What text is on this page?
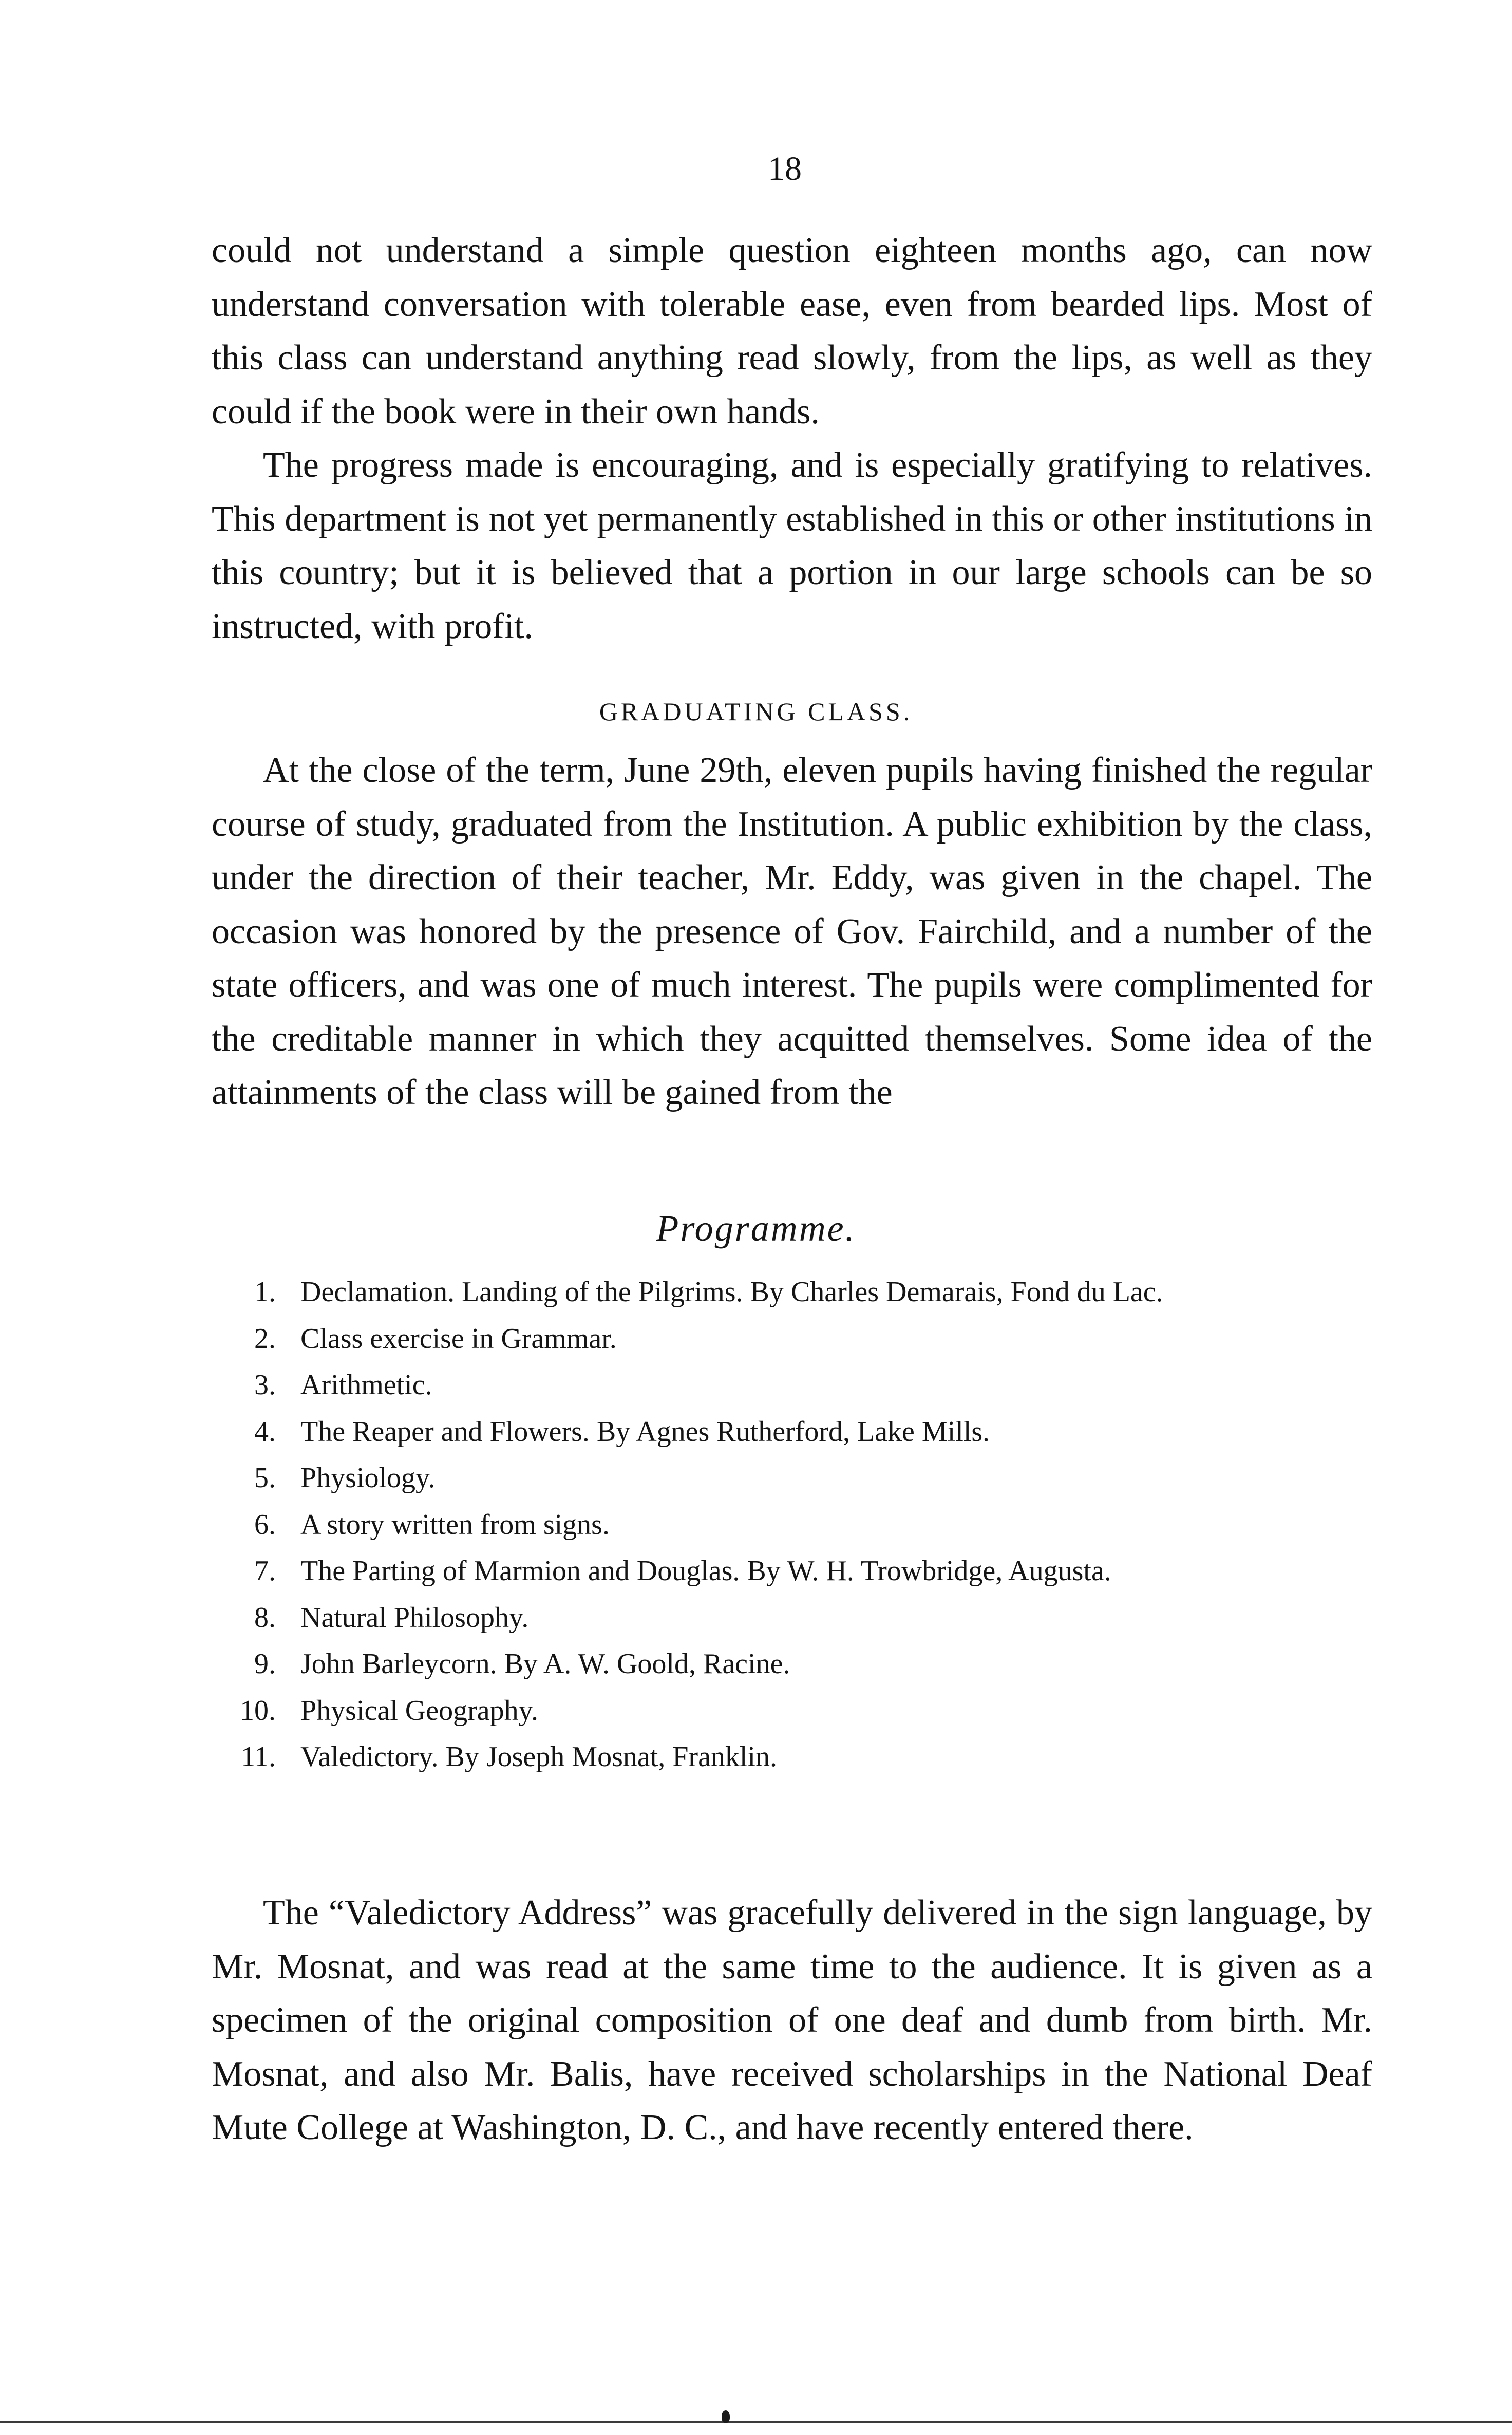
18

could not understand a simple question eighteen months ago, can now understand conversation with tolerable ease, even from bearded lips. Most of this class can understand anything read slowly, from the lips, as well as they could if the book were in their own hands.

The progress made is encouraging, and is especially gratifying to relatives. This department is not yet permanently established in this or other institutions in this country; but it is believed that a portion in our large schools can be so instructed, with profit.

GRADUATING CLASS.

At the close of the term, June 29th, eleven pupils having finished the regular course of study, graduated from the Institution. A public exhibition by the class, under the direction of their teacher, Mr. Eddy, was given in the chapel. The occasion was honored by the presence of Gov. Fairchild, and a number of the state officers, and was one of much interest. The pupils were complimented for the creditable manner in which they acquitted themselves. Some idea of the attainments of the class will be gained from the

Programme.

1. Declamation. Landing of the Pilgrims. By Charles Demarais, Fond du Lac.

2. Class exercise in Grammar.

3. Arithmetic.

4. The Reaper and Flowers. By Agnes Rutherford, Lake Mills.

5. Physiology.

6. A story written from signs.

7. The Parting of Marmion and Douglas. By W. H. Trowbridge, Augusta.

8. Natural Philosophy.

9. John Barleycorn. By A. W. Goold, Racine.

10. Physical Geography.

11. Valedictory. By Joseph Mosnat, Franklin.

The “Valedictory Address” was gracefully delivered in the sign language, by Mr. Mosnat, and was read at the same time to the audience. It is given as a specimen of the original composition of one deaf and dumb from birth. Mr. Mosnat, and also Mr. Balis, have received scholarships in the National Deaf Mute College at Washington, D. C., and have recently entered there.
